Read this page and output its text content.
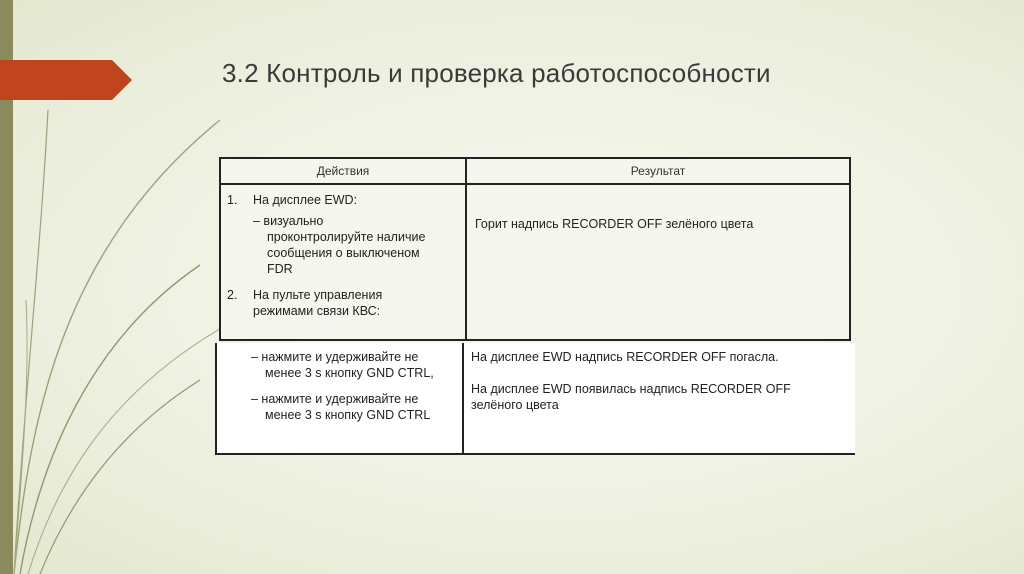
3.2 Контроль и проверка работоспособности
Действия	Результат
1. На дисплее EWD:
– визуально
проконтролируйте наличие
сообщения о выключеном
FDR
2. На пульте управления
режимами связи КВС:
Горит надпись RECORDER OFF зелёного цвета
– нажмите и удерживайте не
менее 3 s кнопку GND CTRL,
– нажмите и удерживайте не
менее 3 s кнопку GND CTRL
На дисплее EWD надпись RECORDER OFF погасла.
На дисплее EWD появилась надпись RECORDER OFF
зелёного цвета
